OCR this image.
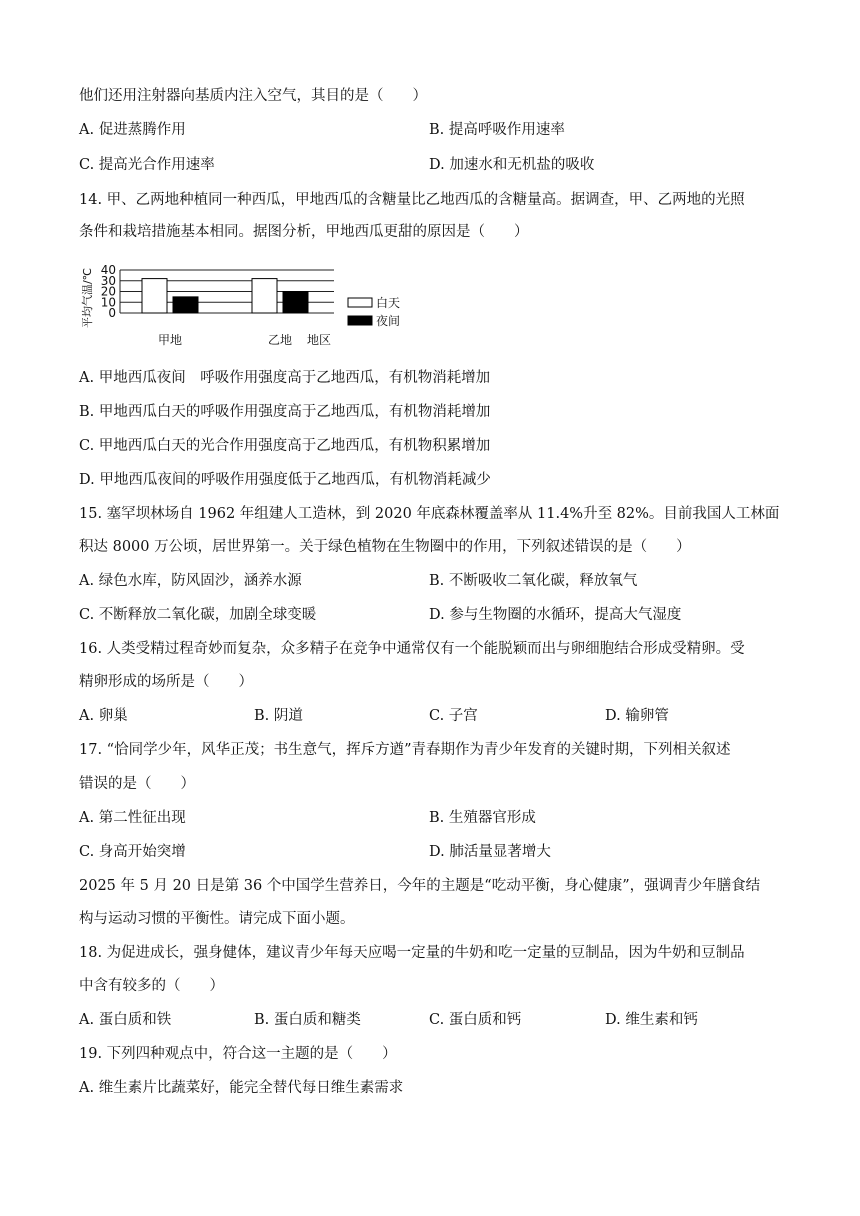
他们还用注射器向基质内注入空气，其目的是（　　）
A. 促进蒸腾作用	B. 提高呼吸作用速率
C. 提高光合作用速率	D. 加速水和无机盐的吸收
14. 甲、乙两地种植同一种西瓜，甲地西瓜的含糖量比乙地西瓜的含糖量高。据调查，甲、乙两地的光照
条件和栽培措施基本相同。据图分析，甲地西瓜更甜的原因是（　　）
平均气温/℃ 0
10
20
30
40
甲地	乙地 地区
白天
夜间
A. 甲地西瓜夜间　呼吸作用强度高于乙地西瓜，有机物消耗增加
B. 甲地西瓜白天的呼吸作用强度高于乙地西瓜，有机物消耗增加
C. 甲地西瓜白天的光合作用强度高于乙地西瓜，有机物积累增加
D. 甲地西瓜夜间的呼吸作用强度低于乙地西瓜，有机物消耗减少
15. 塞罕坝林场自 1962 年组建人工造林，到 2020 年底森林覆盖率从 11.4%升至 82%。目前我国人工林面
积达 8000 万公顷，居世界第一。关于绿色植物在生物圈中的作用，下列叙述错误的是（　　）
A. 绿色水库，防风固沙，涵养水源	B. 不断吸收二氧化碳，释放氧气
C. 不断释放二氧化碳，加剧全球变暖	D. 参与生物圈的水循环，提高大气湿度
16. 人类受精过程奇妙而复杂，众多精子在竞争中通常仅有一个能脱颖而出与卵细胞结合形成受精卵。受
精卵形成的场所是（　　）
A. 卵巢	B. 阴道	C. 子宫	D. 输卵管
17. “恰同学少年，风华正茂；书生意气，挥斥方遒”青春期作为青少年发育的关键时期，下列相关叙述
错误的是（　　）
A. 第二性征出现	B. 生殖器官形成
C. 身高开始突增	D. 肺活量显著增大
2025 年 5 月 20 日是第 36 个中国学生营养日，今年的主题是“吃动平衡，身心健康”，强调青少年膳食结
构与运动习惯的平衡性。请完成下面小题。
18. 为促进成长，强身健体，建议青少年每天应喝一定量的牛奶和吃一定量的豆制品，因为牛奶和豆制品
中含有较多的（　　）
A. 蛋白质和铁	B. 蛋白质和糖类	C. 蛋白质和钙	D. 维生素和钙
19. 下列四种观点中，符合这一主题的是（　　）
A. 维生素片比蔬菜好，能完全替代每日维生素需求
